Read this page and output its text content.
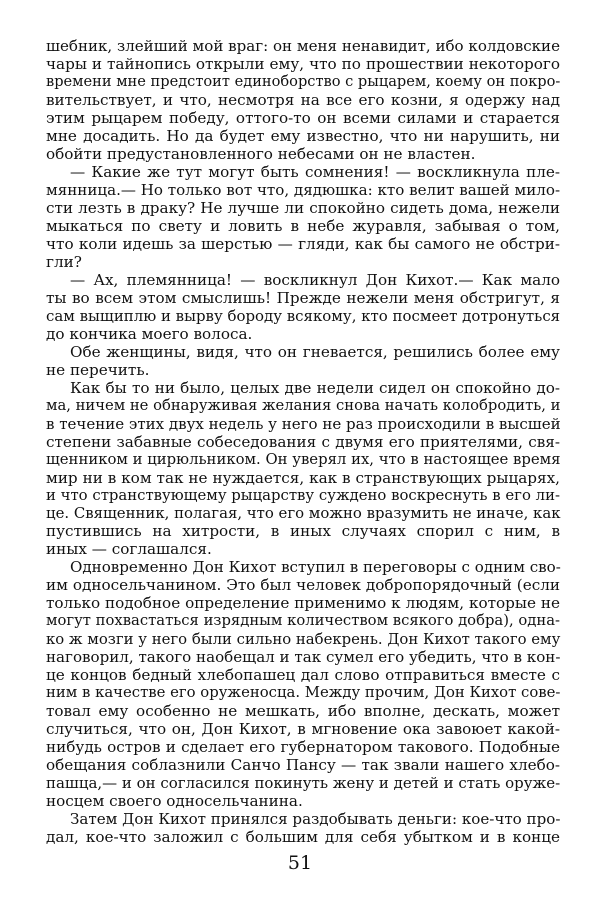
шебник, злейший мой враг: он меня ненавидит, ибо колдовские
чары и тайнопись открыли ему, что по прошествии некоторого
времени мне предстоит единоборство с рыцарем, коему он покро-
вительствует, и что, несмотря на все его козни, я одержу над
этим рыцарем победу, оттого-то он всеми силами и старается
мне досадить. Но да будет ему известно, что ни нарушить, ни
обойти предустановленного небесами он не властен.
— Какие же тут могут быть сомнения! — воскликнула пле-
мянница.— Но только вот что, дядюшка: кто велит вашей мило-
сти лезть в драку? Не лучше ли спокойно сидеть дома, нежели
мыкаться по свету и ловить в небе журавля, забывая о том,
что коли идешь за шерстью — гляди, как бы самого не обстри-
гли?
— Ах, племянница! — воскликнул Дон Кихот.— Как мало
ты во всем этом смыслишь! Прежде нежели меня обстригут, я
сам выщиплю и вырву бороду всякому, кто посмеет дотронуться
до кончика моего волоса.
Обе женщины, видя, что он гневается, решились более ему
не перечить.
Как бы то ни было, целых две недели сидел он спокойно до-
ма, ничем не обнаруживая желания снова начать колобродить, и
в течение этих двух недель у него не раз происходили в высшей
степени забавные собеседования с двумя его приятелями, свя-
щенником и цирюльником. Он уверял их, что в настоящее время
мир ни в ком так не нуждается, как в странствующих рыцарях,
и что странствующему рыцарству суждено воскреснуть в его ли-
це. Священник, полагая, что его можно вразумить не иначе, как
пустившись на хитрости, в иных случаях спорил с ним, в
иных — соглашался.
Одновременно Дон Кихот вступил в переговоры с одним сво-
им односельчанином. Это был человек добропорядочный (если
только подобное определение применимо к людям, которые не
могут похвастаться изрядным количеством всякого добра), одна-
ко ж мозги у него были сильно набекрень. Дон Кихот такого ему
наговорил, такого наобещал и так сумел его убедить, что в кон-
це концов бедный хлебопашец дал слово отправиться вместе с
ним в качестве его оруженосца. Между прочим, Дон Кихот сове-
товал ему особенно не мешкать, ибо вполне, дескать, может
случиться, что он, Дон Кихот, в мгновение ока завоюет какой-
нибудь остров и сделает его губернатором такового. Подобные
обещания соблазнили Санчо Пансу — так звали нашего хлебо-
пашца,— и он согласился покинуть жену и детей и стать оруже-
носцем своего односельчанина.
Затем Дон Кихот принялся раздобывать деньги: кое-что про-
дал, кое-что заложил с большим для себя убытком и в конце
51
